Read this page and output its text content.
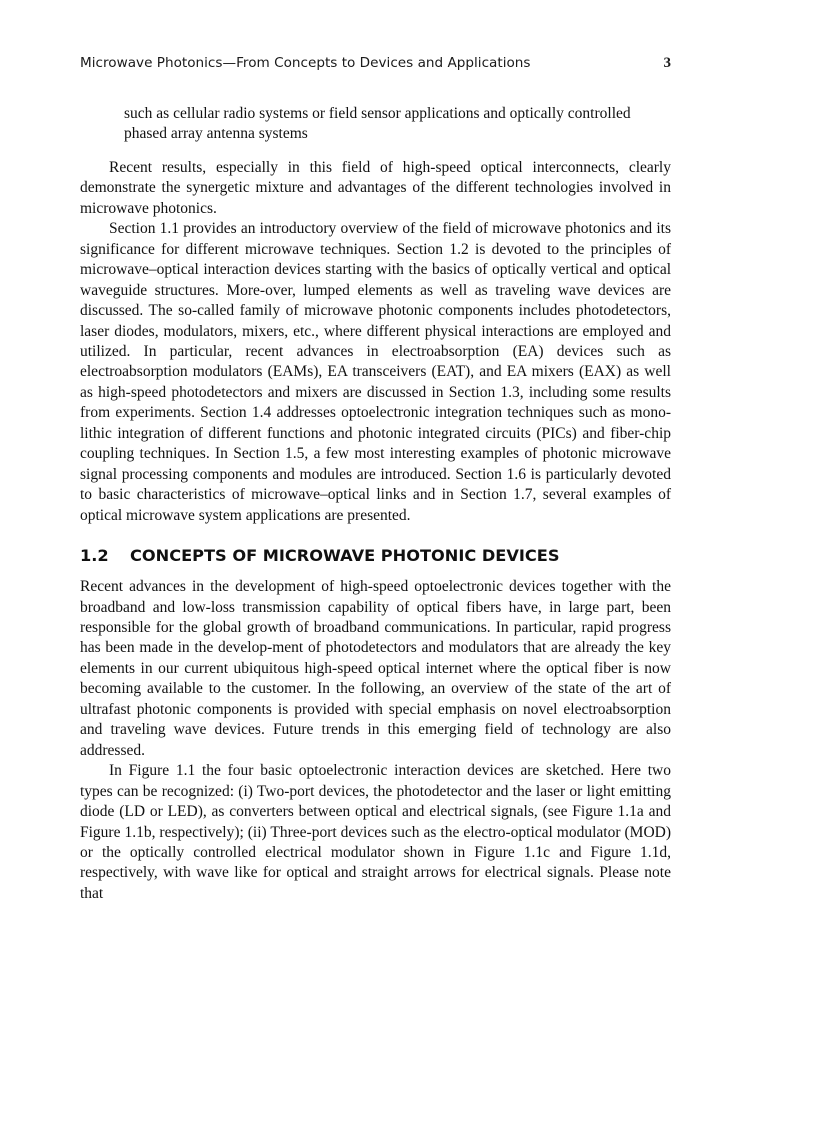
Microwave Photonics—From Concepts to Devices and Applications	3

such as cellular radio systems or field sensor applications and optically controlled phased array antenna systems

Recent results, especially in this field of high-speed optical interconnects, clearly demonstrate the synergetic mixture and advantages of the different technologies involved in microwave photonics.

Section 1.1 provides an introductory overview of the field of microwave photonics and its significance for different microwave techniques. Section 1.2 is devoted to the principles of microwave–optical interaction devices starting with the basics of optically vertical and optical waveguide structures. More-over, lumped elements as well as traveling wave devices are discussed. The so-called family of microwave photonic components includes photodetectors, laser diodes, modulators, mixers, etc., where different physical interactions are employed and utilized. In particular, recent advances in electroabsorption (EA) devices such as electroabsorption modulators (EAMs), EA transceivers (EAT), and EA mixers (EAX) as well as high-speed photodetectors and mixers are discussed in Section 1.3, including some results from experiments. Section 1.4 addresses optoelectronic integration techniques such as mono-lithic integration of different functions and photonic integrated circuits (PICs) and fiber-chip coupling techniques. In Section 1.5, a few most interesting examples of photonic microwave signal processing components and modules are introduced. Section 1.6 is particularly devoted to basic characteristics of microwave–optical links and in Section 1.7, several examples of optical microwave system applications are presented.

1.2 CONCEPTS OF MICROWAVE PHOTONIC DEVICES

Recent advances in the development of high-speed optoelectronic devices together with the broadband and low-loss transmission capability of optical fibers have, in large part, been responsible for the global growth of broadband communications. In particular, rapid progress has been made in the develop-ment of photodetectors and modulators that are already the key elements in our current ubiquitous high-speed optical internet where the optical fiber is now becoming available to the customer. In the following, an overview of the state of the art of ultrafast photonic components is provided with special emphasis on novel electroabsorption and traveling wave devices. Future trends in this emerging field of technology are also addressed.

In Figure 1.1 the four basic optoelectronic interaction devices are sketched. Here two types can be recognized: (i) Two-port devices, the photodetector and the laser or light emitting diode (LD or LED), as converters between optical and electrical signals, (see Figure 1.1a and Figure 1.1b, respectively); (ii) Three-port devices such as the electro-optical modulator (MOD) or the optically controlled electrical modulator shown in Figure 1.1c and Figure 1.1d, respectively, with wave like for optical and straight arrows for electrical signals. Please note that
